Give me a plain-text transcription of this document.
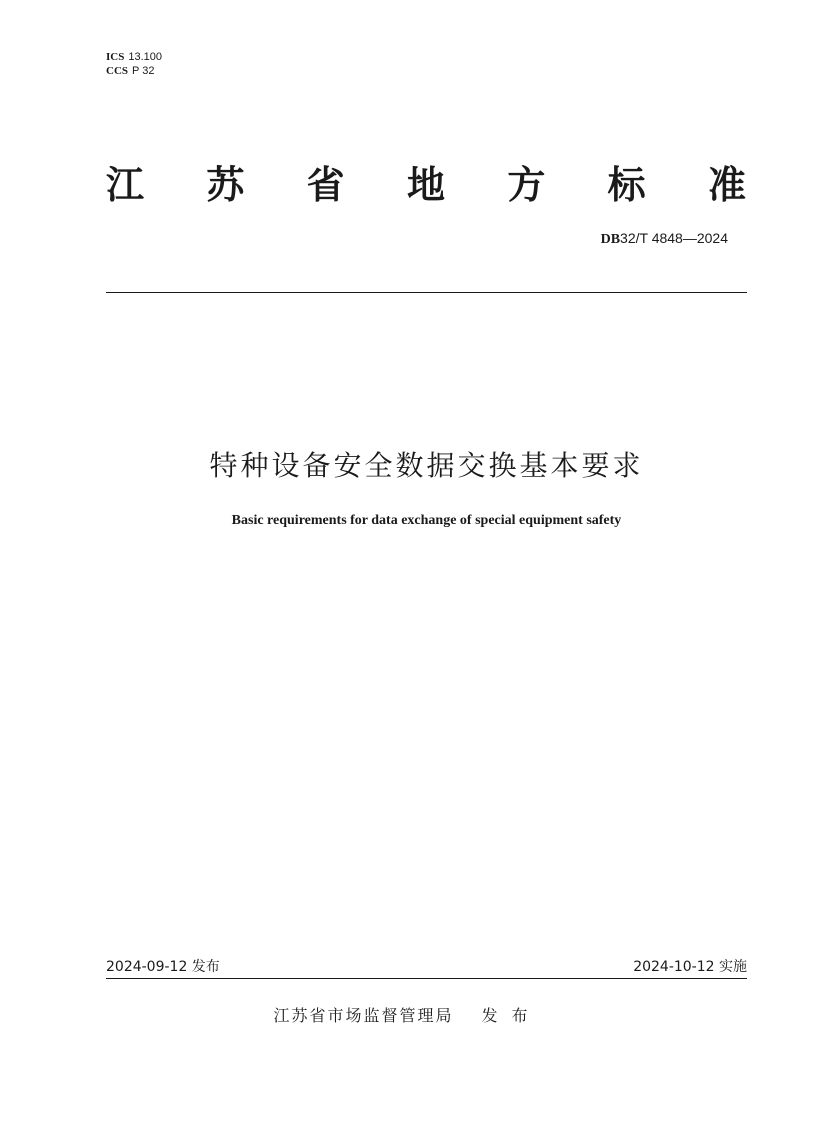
ICS 13.100
CCS P 32
江 苏 省 地 方 标 准
DB32/T 4848—2024
特种设备安全数据交换基本要求
Basic requirements for data exchange of special equipment safety
2024-09-12 发布	2024-10-12 实施
江苏省市场监督管理局 发布
